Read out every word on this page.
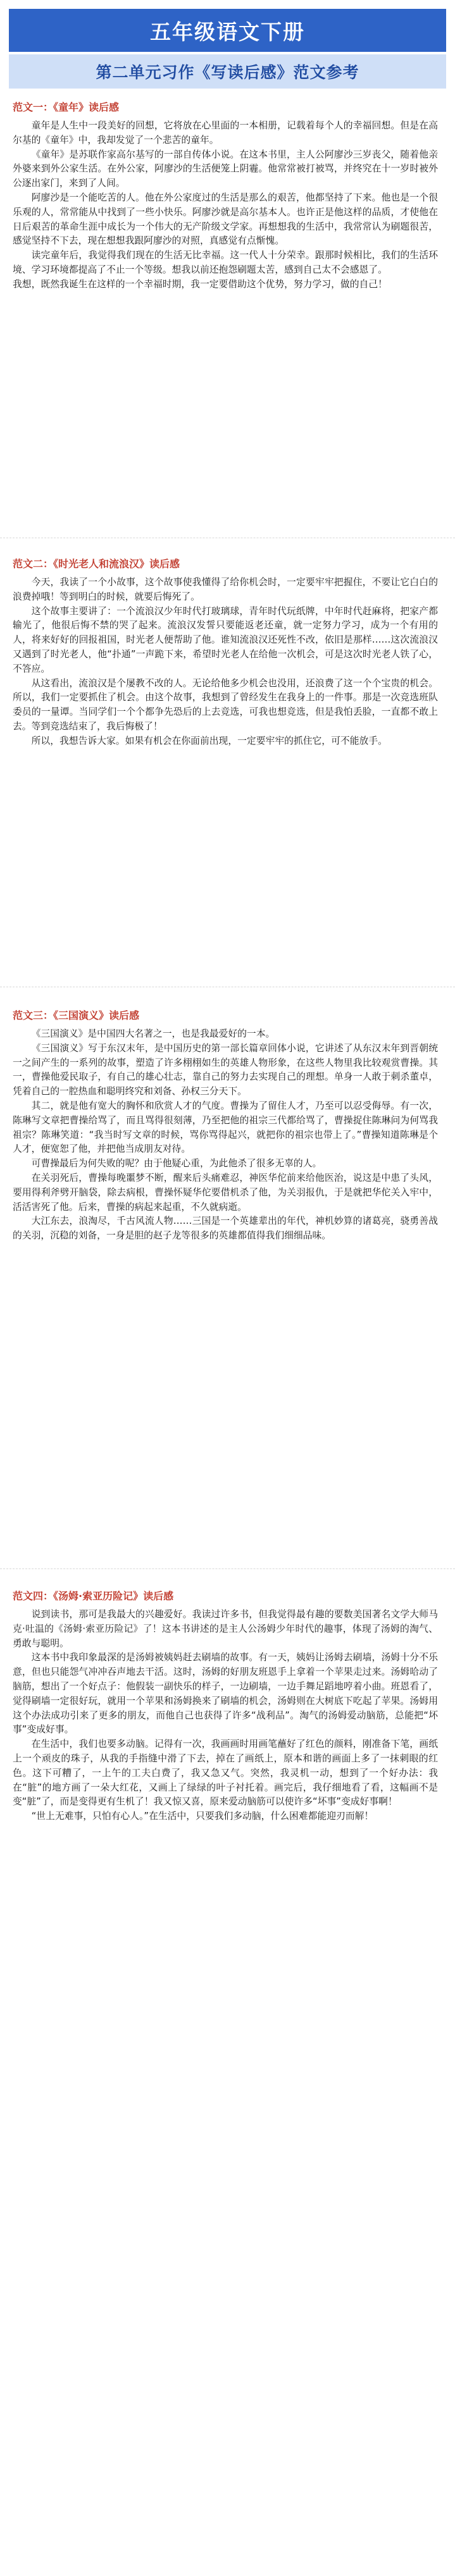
五年级语文下册
第二单元习作《写读后感》范文参考
范文一：《童年》读后感

童年是人生中一段美好的回想，它将放在心里面的一本相册，记载着每个人的幸福回想。但是在高尔基的《童年》中，我却发觉了一个悲苦的童年。

《童年》是苏联作家高尔基写的一部自传体小说。在这本书里，主人公阿廖沙三岁丧父，随着他亲外婆来到外公家生活。在外公家，阿廖沙的生活便笼上阴霾。他常常被打被骂，并终究在十一岁时被外公逐出家门，来到了人间。

阿廖沙是一个能吃苦的人。他在外公家度过的生活是那么的艰苦，他都坚持了下来。他也是一个很乐观的人，常常能从中找到了一些小快乐。阿廖沙就是高尔基本人。也许正是他这样的品质，才使他在日后艰苦的革命生涯中成长为一个伟大的无产阶级文学家。再想想我的生活中，我常常认为刷题很苦，感觉坚持不下去，现在想想我跟阿廖沙的对照，真感觉有点惭愧。

读完童年后，我觉得我们现在的生活无比幸福。这一代人十分荣幸。跟那时候相比，我们的生活环境、学习环境都提高了不止一个等级。想我以前还抱怨刷题太苦，感到自己太不会感恩了。

我想，既然我诞生在这样的一个幸福时期，我一定要借助这个优势，努力学习，做的自己！

范文二：《时光老人和流浪汉》读后感

今天，我读了一个小故事，这个故事使我懂得了给你机会时，一定要牢牢把握住，不要让它白白的浪费掉哦！等到明白的时候，就要后悔死了。

这个故事主要讲了：一个流浪汉少年时代打玻璃球，青年时代玩纸牌，中年时代赶麻将，把家产都输光了，他很后悔不禁的哭了起来。流浪汉发誓只要能返老还童，就一定努力学习，成为一个有用的人，将来好好的回报祖国，时光老人便帮助了他。谁知流浪汉还死性不改，依旧是那样……这次流浪汉又遇到了时光老人，他“扑通”一声跪下来，希望时光老人在给他一次机会，可是这次时光老人铁了心，不答应。

从这看出，流浪汉是个屡教不改的人。无论给他多少机会也没用，还浪费了这一个个宝贵的机会。所以，我们一定要抓住了机会。由这个故事，我想到了曾经发生在我身上的一件事。那是一次竞选班队委员的一量谭。当同学们一个个都争先恐后的上去竞选，可我也想竞选，但是我怕丢脸，一直都不敢上去。等到竞选结束了，我后悔极了！

所以，我想告诉大家。如果有机会在你面前出现，一定要牢牢的抓住它，可不能放手。

范文三：《三国演义》读后感

《三国演义》是中国四大名著之一，也是我最爱好的一本。

《三国演义》写于东汉末年，是中国历史的第一部长篇章回体小说，它讲述了从东汉末年到晋朝统一之间产生的一系列的故事，塑造了许多栩栩如生的英雄人物形象，在这些人物里我比较观赏曹操。其一，曹操他爱民取子，有自己的雄心壮志，靠自己的努力去实现自己的理想。单身一人敢于刺杀董卓，凭着自己的一腔热血和聪明终究和刘备、孙权三分天下。

其二，就是他有宽大的胸怀和欣赏人才的气度。曹操为了留住人才，乃至可以忍受侮辱。有一次，陈琳写文章把曹操给骂了，而且骂得很刻薄，乃至把他的祖宗三代都给骂了，曹操捉住陈琳问为何骂我祖宗？陈琳笑道：“我当时写文章的时候，骂你骂得起兴，就把你的祖宗也带上了。”曹操知道陈琳是个人才，便宽恕了他，并把他当成朋友对待。

可曹操最后为何失败的呢？由于他疑心重，为此他杀了很多无辜的人。

在关羽死后，曹操每晚噩梦不断，醒来后头痛难忍，神医华佗前来给他医治，说这是中患了头风，要用得利斧劈开脑袋，除去病根，曹操怀疑华佗要借机杀了他，为关羽报仇，于是就把华佗关入牢中，活活害死了他。后来，曹操的病起来起重，不久就病逝。

大江东去，浪淘尽，千古风流人物……三国是一个英雄辈出的年代，神机妙算的诸葛亮，骁勇善战的关羽，沉稳的刘备，一身是胆的赵子龙等很多的英雄都值得我们细细品味。

范文四：《汤姆·索亚历险记》读后感

说到读书，那可是我最大的兴趣爱好。我读过许多书，但我觉得最有趣的要数美国著名文学大师马克·吐温的《汤姆·索亚历险记》了！这本书讲述的是主人公汤姆少年时代的趣事，体现了汤姆的淘气、勇敢与聪明。

这本书中我印象最深的是汤姆被姨妈赶去刷墙的故事。有一天，姨妈让汤姆去刷墙，汤姆十分不乐意，但也只能怨气冲冲吞声地去干活。这时，汤姆的好朋友班恩手上拿着一个苹果走过来。汤姆哈动了脑筋，想出了一个好点子：他假装一副快乐的样子，一边刷墙，一边手舞足蹈地哼着小曲。班恩看了，觉得刷墙一定很好玩，就用一个苹果和汤姆换来了刷墙的机会，汤姆则在大树底下吃起了苹果。汤姆用这个办法成功引来了更多的朋友，而他自己也获得了许多“战利品”。淘气的汤姆爱动脑筋，总能把“坏事”变成好事。

在生活中，我们也要多动脑。记得有一次，我画画时用画笔蘸好了红色的颜料，刚准备下笔，画纸上一个顽皮的珠子，从我的手指缝中滑了下去，掉在了画纸上，原本和谐的画面上多了一抹刺眼的红色。这下可糟了，一上午的工夫白费了，我又急又气。突然，我灵机一动，想到了一个好办法：我在“脏”的地方画了一朵大红花，又画上了绿绿的叶子衬托着。画完后，我仔细地看了看，这幅画不是变“脏”了，而是变得更有生机了！我又惊又喜，原来爱动脑筋可以使许多“坏事”变成好事啊！

“世上无难事，只怕有心人。”在生活中，只要我们多动脑，什么困难都能迎刃而解！
